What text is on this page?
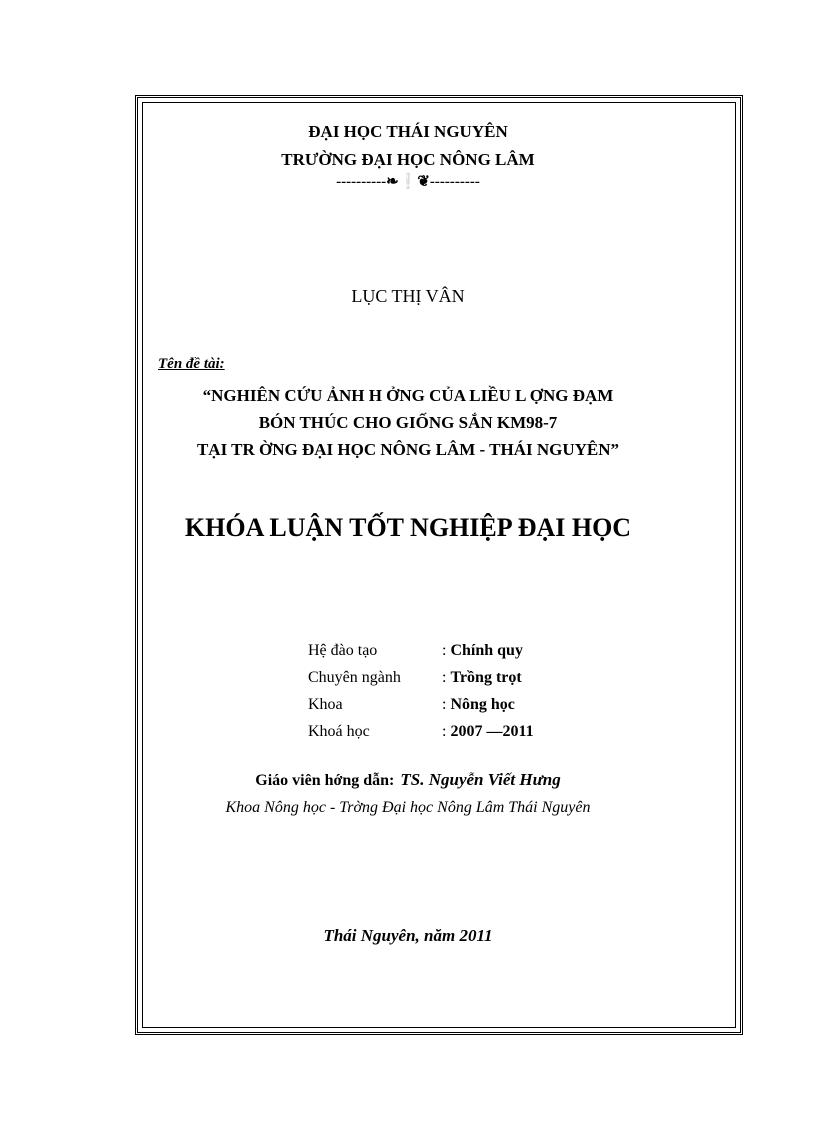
ĐẠI HỌC THÁI NGUYÊN
TRƯỜNG ĐẠI HỌC NÔNG LÂM
----------❧❕❦----------
LỤC THỊ VÂN
Tên đề tài:
“NGHIÊN CỨU ẢNH H ỞNG CỦA LIỀU L ỢNG ĐẠM
BÓN THÚC CHO GIỐNG SẮN KM98-7
TẠI TR ỜNG ĐẠI HỌC NÔNG LÂM - THÁI NGUYÊN”
KHÓA LUẬN TỐT NGHIỆP ĐẠI HỌC
Hệ đào tạo	: Chính quy
Chuyên ngành	: Trồng trọt
Khoa	: Nông học
Khoá học	: 2007 —2011
Giáo viên hớng dẫn: TS. Nguyễn Viết Hưng
Khoa Nông học - Trờng Đại học Nông Lâm Thái Nguyên
Thái Nguyên, năm 2011
